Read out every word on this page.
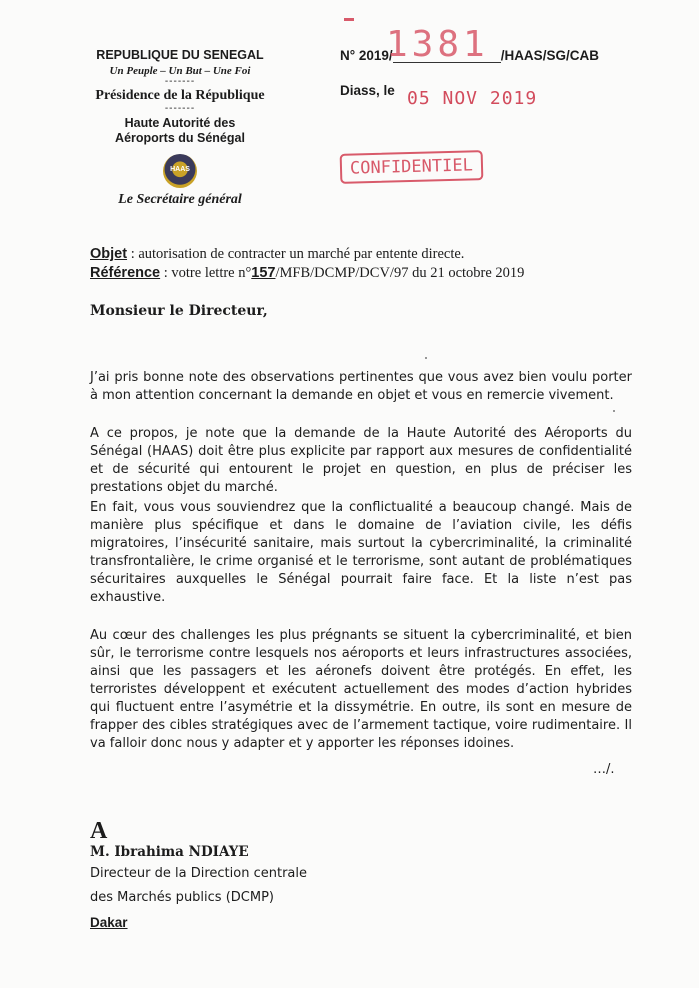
REPUBLIQUE DU SENEGAL
Un Peuple – Un But – Une Foi
-------
Présidence de la République
-------
Haute Autorité des
Aéroports du Sénégal
HAAS
Le Secrétaire général
N° 2019/	/HAAS/SG/CAB
1381
Diass, le 05 NOV 2019
CONFIDENTIEL
Objet : autorisation de contracter un marché par entente directe.
Référence : votre lettre n°157/MFB/DCMP/DCV/97 du 21 octobre 2019
Monsieur le Directeur,
J’ai pris bonne note des observations pertinentes que vous avez bien voulu porter à mon attention concernant la demande en objet et vous en remercie vivement.
A ce propos, je note que la demande de la Haute Autorité des Aéroports du Sénégal (HAAS) doit être plus explicite par rapport aux mesures de confidentialité et de sécurité qui entourent le projet en question, en plus de préciser les prestations objet du marché.
En fait, vous vous souviendrez que la conflictualité a beaucoup changé. Mais de manière plus spécifique et dans le domaine de l’aviation civile, les défis migratoires, l’insécurité sanitaire, mais surtout la cybercriminalité, la criminalité transfrontalière, le crime organisé et le terrorisme, sont autant de problématiques sécuritaires auxquelles le Sénégal pourrait faire face. Et la liste n’est pas exhaustive.
Au cœur des challenges les plus prégnants se situent la cybercriminalité, et bien sûr, le terrorisme contre lesquels nos aéroports et leurs infrastructures associées, ainsi que les passagers et les aéronefs doivent être protégés. En effet, les terroristes développent et exécutent actuellement des modes d’action hybrides qui fluctuent entre l’asymétrie et la dissymétrie. En outre, ils sont en mesure de frapper des cibles stratégiques avec de l’armement tactique, voire rudimentaire. Il va falloir donc nous y adapter et y apporter les réponses idoines.
…/.
A
M. Ibrahima NDIAYE
Directeur de la Direction centrale
des Marchés publics (DCMP)
Dakar
